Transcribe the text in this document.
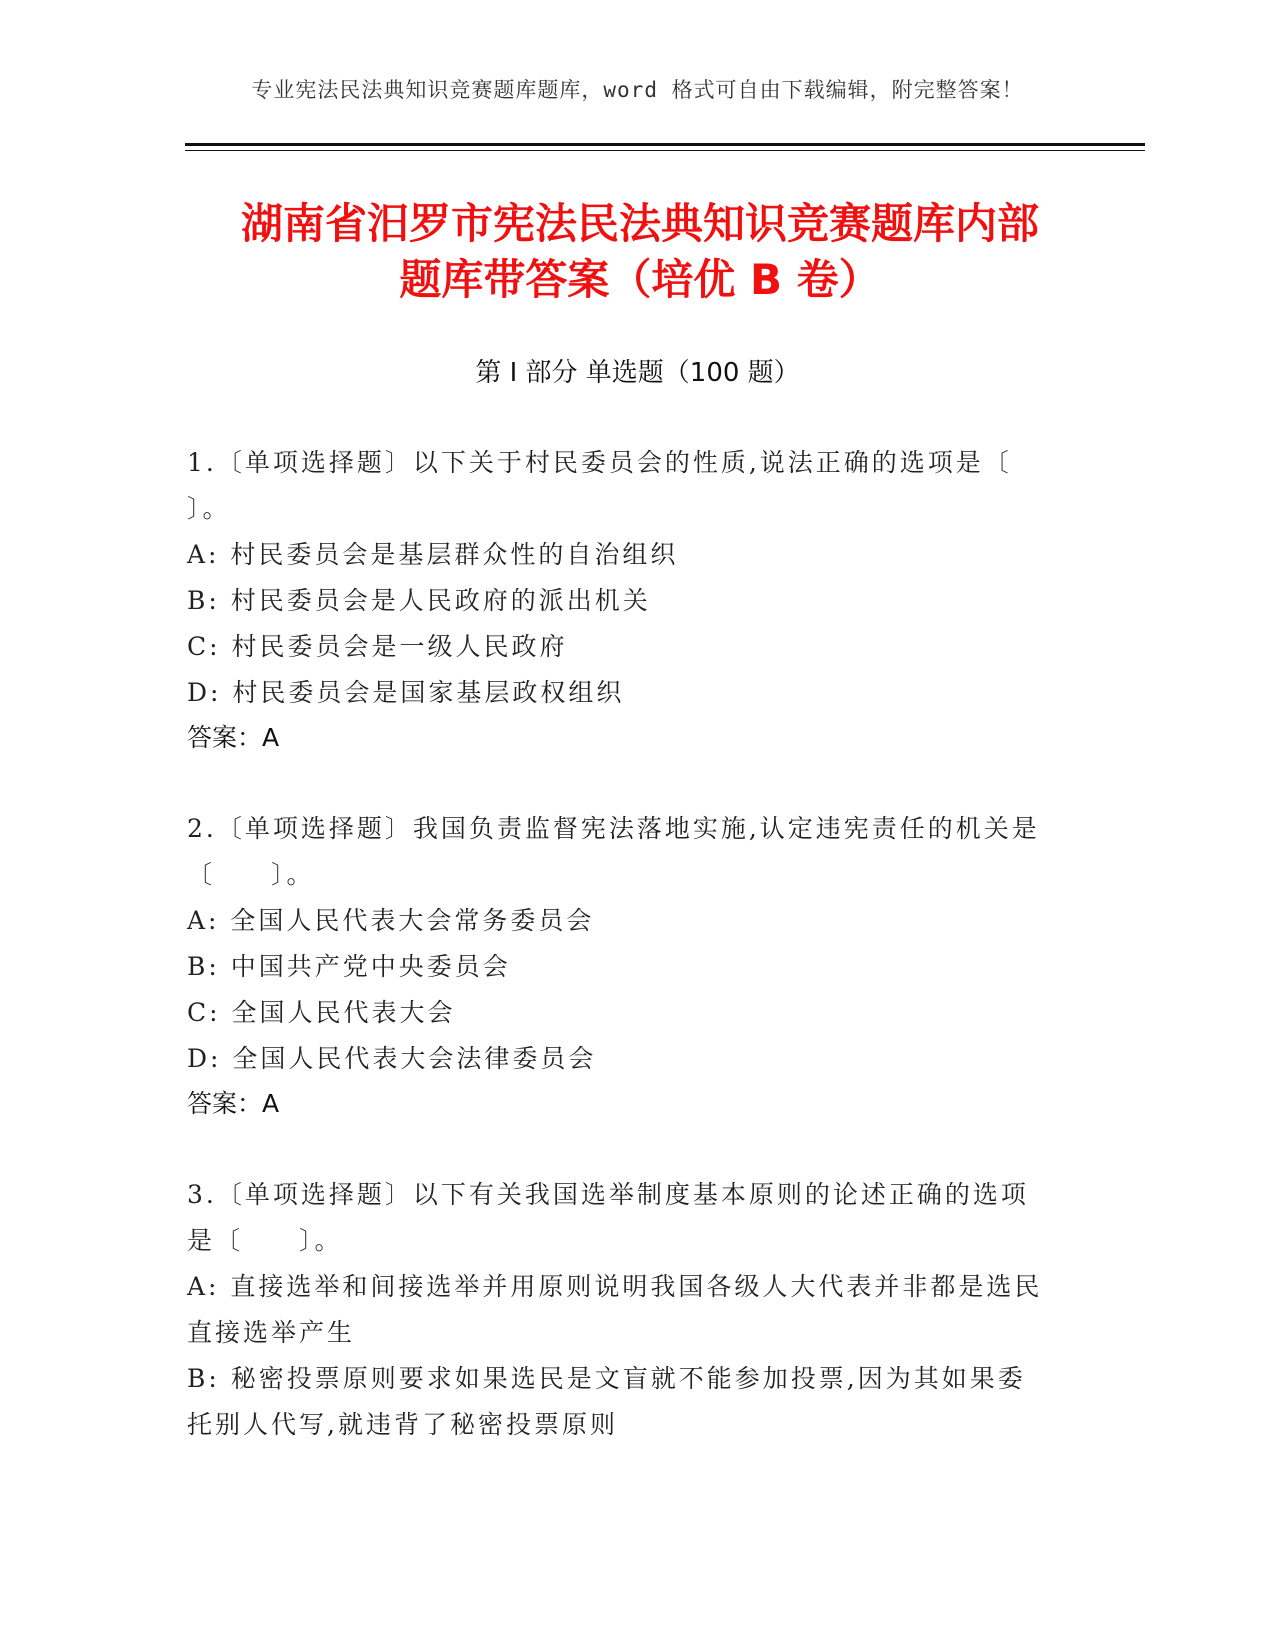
专业宪法民法典知识竞赛题库题库，word 格式可自由下载编辑，附完整答案！
湖南省汨罗市宪法民法典知识竞赛题库内部
题库带答案（培优 B 卷）
第 I 部分 单选题（100 题）
1.〔单项选择题〕以下关于村民委员会的性质,说法正确的选项是〔
〕。
A: 村民委员会是基层群众性的自治组织
B: 村民委员会是人民政府的派出机关
C: 村民委员会是一级人民政府
D: 村民委员会是国家基层政权组织
答案：A
2.〔单项选择题〕我国负责监督宪法落地实施,认定违宪责任的机关是
〔　　〕。
A: 全国人民代表大会常务委员会
B: 中国共产党中央委员会
C: 全国人民代表大会
D: 全国人民代表大会法律委员会
答案：A
3.〔单项选择题〕以下有关我国选举制度基本原则的论述正确的选项
是〔　　〕。
A: 直接选举和间接选举并用原则说明我国各级人大代表并非都是选民
直接选举产生
B: 秘密投票原则要求如果选民是文盲就不能参加投票,因为其如果委
托别人代写,就违背了秘密投票原则
